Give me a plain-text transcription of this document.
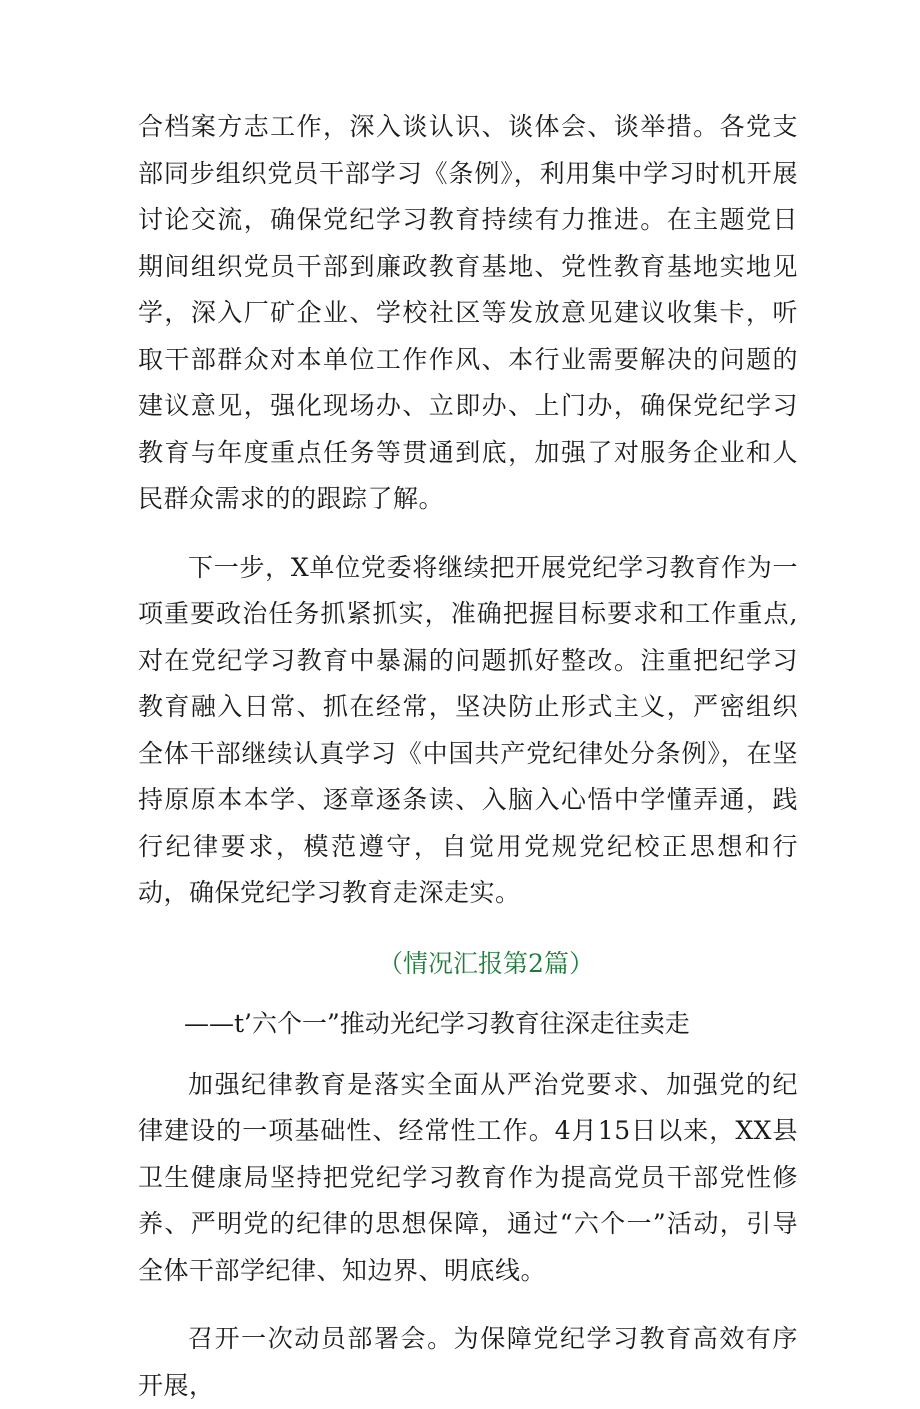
合档案方志工作，深入谈认识、谈体会、谈举措。各党支部同步组织党员干部学习《条例》，利用集中学习时机开展讨论交流，确保党纪学习教育持续有力推进。在主题党日期间组织党员干部到廉政教育基地、党性教育基地实地见学，深入厂矿企业、学校社区等发放意见建议收集卡，听取干部群众对本单位工作作风、本行业需要解决的问题的建议意见，强化现场办、立即办、上门办，确保党纪学习教育与年度重点任务等贯通到底，加强了对服务企业和人民群众需求的的跟踪了解。

下一步，X单位党委将继续把开展党纪学习教育作为一项重要政治任务抓紧抓实，准确把握目标要求和工作重点,对在党纪学习教育中暴漏的问题抓好整改。注重把纪学习教育融入日常、抓在经常，坚决防止形式主义，严密组织全体干部继续认真学习《中国共产党纪律处分条例》，在坚持原原本本学、逐章逐条读、入脑入心悟中学懂弄通，践行纪律要求，模范遵守，自觉用党规党纪校正思想和行动，确保党纪学习教育走深走实。

（情况汇报第2篇）

——t’六个一”推动光纪学习教育往深走往卖走

加强纪律教育是落实全面从严治党要求、加强党的纪律建设的一项基础性、经常性工作。4月15日以来，XX县卫生健康局坚持把党纪学习教育作为提高党员干部党性修养、严明党的纪律的思想保障，通过“六个一”活动，引导全体干部学纪律、知边界、明底线。

召开一次动员部署会。为保障党纪学习教育高效有序开展，
